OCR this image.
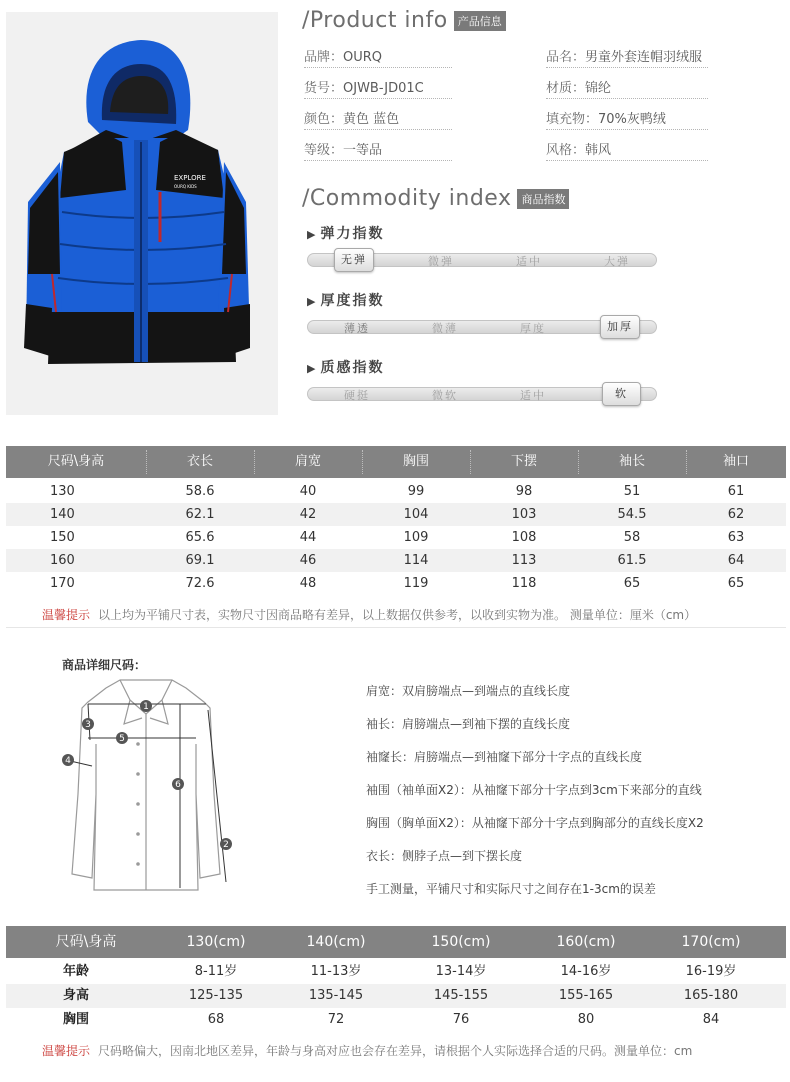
EXPLORE
OURQ KIDS
/Product info 产品信息
品牌：OURQ	品名：男童外套连帽羽绒服
货号：OJWB-JD01C	材质：锦纶
颜色：黄色 蓝色	填充物：70%灰鸭绒
等级：一等品	风格：韩风
/Commodity index 商品指数
▶ 弹力指数
无弹	微弹	适中	大弹
▶ 厚度指数
薄透	微薄	厚度	加厚
▶ 质感指数
硬挺	微软	适中	软
尺码\身高	衣长	肩宽	胸围	下摆	袖长	袖口
130	58.6	40	99	98	51	61
140	62.1	42	104	103	54.5	62
150	65.6	44	109	108	58	63
160	69.1	46	114	113	61.5	64
170	72.6	48	119	118	65	65
温馨提示 以上均为平铺尺寸表，实物尺寸因商品略有差异，以上数据仅供参考，以收到实物为准。 测量单位：厘米（cm）
商品详细尺码：
1
2
3
4
5
6
肩宽：双肩膀端点—到端点的直线长度
袖长：肩膀端点—到袖下摆的直线长度
袖窿长：肩膀端点—到袖窿下部分十字点的直线长度
袖围（袖单面X2）：从袖窿下部分十字点到3cm下来部分的直线
胸围（胸单面X2）：从袖窿下部分十字点到胸部分的直线长度X2
衣长：侧脖子点—到下摆长度
手工测量，平铺尺寸和实际尺寸之间存在1-3cm的误差
尺码\身高	130(cm)	140(cm)	150(cm)	160(cm)	170(cm)
年龄	8-11岁	11-13岁	13-14岁	14-16岁	16-19岁
身高	125-135	135-145	145-155	155-165	165-180
胸围	68	72	76	80	84
温馨提示 尺码略偏大，因南北地区差异，年龄与身高对应也会存在差异，请根据个人实际选择合适的尺码。测量单位：cm
